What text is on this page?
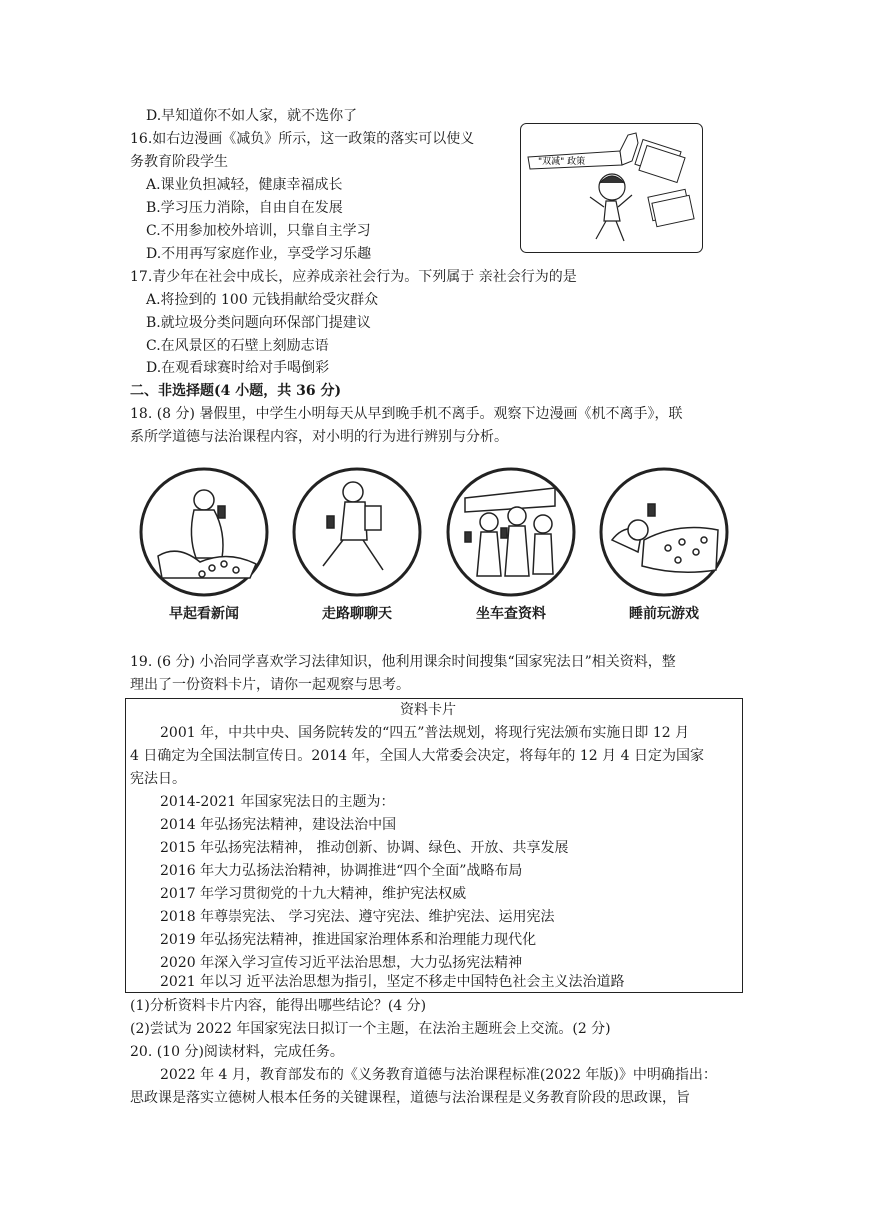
D.早知道你不如人家，就不选你了
16.如右边漫画《减负》所示，这一政策的落实可以使义
务教育阶段学生
A.课业负担减轻，健康幸福成长
B.学习压力消除，自由自在发展
C.不用参加校外培训，只靠自主学习
D.不用再写家庭作业，享受学习乐趣
"双减" 政策
17.青少年在社会中成长，应养成亲社会行为。下列属于 亲社会行为的是
A.将捡到的 100 元钱捐献给受灾群众
B.就垃圾分类问题向环保部门提建议
C.在风景区的石壁上刻励志语
D.在观看球赛时给对手喝倒彩
二、非选择题(4 小题，共 36 分)
18. (8 分) 暑假里，中学生小明每天从早到晚手机不离手。观察下边漫画《机不离手》，联
系所学道德与法治课程内容，对小明的行为进行辨别与分析。
早起看新闻	走路聊聊天	坐车查资料	睡前玩游戏
19. (6 分) 小治同学喜欢学习法律知识，他利用课余时间搜集“国家宪法日”相关资料，整
理出了一份资料卡片，请你一起观察与思考。
资料卡片
2001 年，中共中央、国务院转发的“四五”普法规划，将现行宪法颁布实施日即 12 月
4 日确定为全国法制宣传日。2014 年，全国人大常委会决定，将每年的 12 月 4 日定为国家
宪法日。
2014-2021 年国家宪法日的主题为：
2014 年弘扬宪法精神，建设法治中国
2015 年弘扬宪法精神， 推动创新、协调、绿色、开放、共享发展
2016 年大力弘扬法治精神，协调推进“四个全面”战略布局
2017 年学习贯彻党的十九大精神，维护宪法权威
2018 年尊崇宪法、 学习宪法、遵守宪法、维护宪法、运用宪法
2019 年弘扬宪法精神，推进国家治理体系和治理能力现代化
2020 年深入学习宣传习近平法治思想，大力弘扬宪法精神
2021 年以习 近平法治思想为指引，坚定不移走中国特色社会主义法治道路
(1)分析资料卡片内容，能得出哪些结论？(4 分)
(2)尝试为 2022 年国家宪法日拟订一个主题，在法治主题班会上交流。(2 分)
20. (10 分)阅读材料，完成任务。
2022 年 4 月，教育部发布的《义务教育道德与法治课程标准(2022 年版)》中明确指出：
思政课是落实立德树人根本任务的关键课程，道德与法治课程是义务教育阶段的思政课，旨
